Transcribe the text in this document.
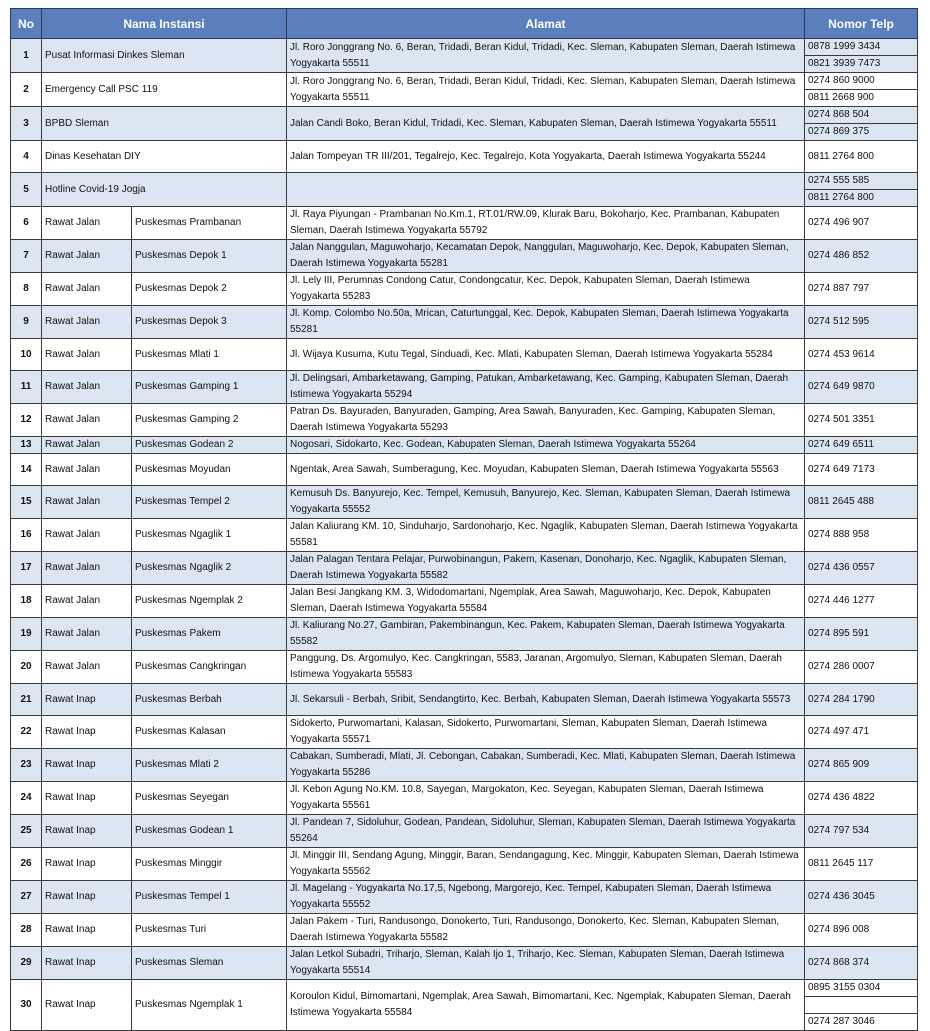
No	Nama Instansi		Alamat	Nomor Telp
1	Pusat Informasi Dinkes Sleman		Jl. Roro Jonggrang No. 6, Beran, Tridadi, Beran Kidul, Tridadi, Kec. Sleman, Kabupaten Sleman, Daerah Istimewa Yogyakarta 55511	0878 1999 3434
0821 3939 7473

2	Emergency Call PSC 119		Jl. Roro Jonggrang No. 6, Beran, Tridadi, Beran Kidul, Tridadi, Kec. Sleman, Kabupaten Sleman, Daerah Istimewa Yogyakarta 55511	0274 860 9000
0811 2668 900

3	BPBD Sleman		Jalan Candi Boko, Beran Kidul, Tridadi, Kec. Sleman, Kabupaten Sleman, Daerah Istimewa Yogyakarta 55511	0274 868 504
0274 869 375

4	Dinas Kesehatan DIY		Jalan Tompeyan TR III/201, Tegalrejo, Kec. Tegalrejo, Kota Yogyakarta, Daerah Istimewa Yogyakarta 55244	0811 2764 800

5	Hotline Covid-19 Jogja			0274 555 585
0811 2764 800

6	Rawat Jalan	Puskesmas Prambanan	Jl. Raya Piyungan - Prambanan No.Km.1, RT.01/RW.09, Klurak Baru, Bokoharjo, Kec. Prambanan, Kabupaten Sleman, Daerah Istimewa Yogyakarta 55792	0274 496 907

7	Rawat Jalan	Puskesmas Depok 1	Jalan Nanggulan, Maguwoharjo, Kecamatan Depok, Nanggulan, Maguwoharjo, Kec. Depok, Kabupaten Sleman, Daerah Istimewa Yogyakarta 55281	0274 486 852

8	Rawat Jalan	Puskesmas Depok 2	Jl. Lely III, Perumnas Condong Catur, Condongcatur, Kec. Depok, Kabupaten Sleman, Daerah Istimewa Yogyakarta 55283	0274 887 797

9	Rawat Jalan	Puskesmas Depok 3	Jl. Komp. Colombo No.50a, Mrican, Caturtunggal, Kec. Depok, Kabupaten Sleman, Daerah Istimewa Yogyakarta 55281	0274 512 595

10	Rawat Jalan	Puskesmas Mlati 1	Jl. Wijaya Kusuma, Kutu Tegal, Sinduadi, Kec. Mlati, Kabupaten Sleman, Daerah Istimewa Yogyakarta 55284	0274 453 9614

11	Rawat Jalan	Puskesmas Gamping 1	Jl. Delingsari, Ambarketawang, Gamping, Patukan, Ambarketawang, Kec. Gamping, Kabupaten Sleman, Daerah Istimewa Yogyakarta 55294	0274 649 9870

12	Rawat Jalan	Puskesmas Gamping 2	Patran Ds. Bayuraden, Banyuraden, Gamping, Area Sawah, Banyuraden, Kec. Gamping, Kabupaten Sleman, Daerah Istimewa Yogyakarta 55293	0274 501 3351

13	Rawat Jalan	Puskesmas Godean 2	Nogosari, Sidokarto, Kec. Godean, Kabupaten Sleman, Daerah Istimewa Yogyakarta 55264	0274 649 6511

14	Rawat Jalan	Puskesmas Moyudan	Ngentak, Area Sawah, Sumberagung, Kec. Moyudan, Kabupaten Sleman, Daerah Istimewa Yogyakarta 55563	0274 649 7173

15	Rawat Jalan	Puskesmas Tempel 2	Kemusuh Ds. Banyurejo, Kec. Tempel, Kemusuh, Banyurejo, Kec. Sleman, Kabupaten Sleman, Daerah Istimewa Yogyakarta 55552	0811 2645 488

16	Rawat Jalan	Puskesmas Ngaglik 1	Jalan Kaliurang KM. 10, Sinduharjo, Sardonoharjo, Kec. Ngaglik, Kabupaten Sleman, Daerah Istimewa Yogyakarta 55581	0274 888 958

17	Rawat Jalan	Puskesmas Ngaglik 2	Jalan Palagan Tentara Pelajar, Purwobinangun, Pakem, Kasenan, Donoharjo, Kec. Ngaglik, Kabupaten Sleman, Daerah Istimewa Yogyakarta 55582	0274 436 0557

18	Rawat Jalan	Puskesmas Ngemplak 2	Jalan Besi Jangkang KM. 3, Widodomartani, Ngemplak, Area Sawah, Maguwoharjo, Kec. Depok, Kabupaten Sleman, Daerah Istimewa Yogyakarta 55584	0274 446 1277

19	Rawat Jalan	Puskesmas Pakem	Jl. Kaliurang No.27, Gambiran, Pakembinangun, Kec. Pakem, Kabupaten Sleman, Daerah Istimewa Yogyakarta 55582	0274 895 591

20	Rawat Jalan	Puskesmas Cangkringan	Panggung, Ds. Argomulyo, Kec. Cangkringan, 5583, Jaranan, Argomulyo, Sleman, Kabupaten Sleman, Daerah Istimewa Yogyakarta 55583	0274 286 0007

21	Rawat Inap	Puskesmas Berbah	Jl. Sekarsuli - Berbah, Sribit, Sendangtirto, Kec. Berbah, Kabupaten Sleman, Daerah Istimewa Yogyakarta 55573	0274 284 1790

22	Rawat Inap	Puskesmas Kalasan	Sidokerto, Purwomartani, Kalasan, Sidokerto, Purwomartani, Sleman, Kabupaten Sleman, Daerah Istimewa Yogyakarta 55571	0274 497 471

23	Rawat Inap	Puskesmas Mlati 2	Cabakan, Sumberadi, Mlati, Jl. Cebongan, Cabakan, Sumberadi, Kec. Mlati, Kabupaten Sleman, Daerah Istimewa Yogyakarta 55286	0274 865 909

24	Rawat Inap	Puskesmas Seyegan	Jl. Kebon Agung No.KM. 10.8, Sayegan, Margokaton, Kec. Seyegan, Kabupaten Sleman, Daerah Istimewa Yogyakarta 55561	0274 436 4822

25	Rawat Inap	Puskesmas Godean 1	Jl. Pandean 7, Sidoluhur, Godean, Pandean, Sidoluhur, Sleman, Kabupaten Sleman, Daerah Istimewa Yogyakarta 55264	0274 797 534

26	Rawat Inap	Puskesmas Minggir	Jl. Minggir III, Sendang Agung, Minggir, Baran, Sendangagung, Kec. Minggir, Kabupaten Sleman, Daerah Istimewa Yogyakarta 55562	0811 2645 117

27	Rawat Inap	Puskesmas Tempel 1	Jl. Magelang - Yogyakarta No.17,5, Ngebong, Margorejo, Kec. Tempel, Kabupaten Sleman, Daerah Istimewa Yogyakarta 55552	0274 436 3045

28	Rawat Inap	Puskesmas Turi	Jalan Pakem - Turi, Randusongo, Donokerto, Turi, Randusongo, Donokerto, Kec. Sleman, Kabupaten Sleman, Daerah Istimewa Yogyakarta 55582	0274 896 008

29	Rawat Inap	Puskesmas Sleman	Jalan Letkol Subadri, Triharjo, Sleman, Kalah Ijo 1, Triharjo, Kec. Sleman, Kabupaten Sleman, Daerah Istimewa Yogyakarta 55514	0274 868 374

30	Rawat Inap	Puskesmas Ngemplak 1	Koroulon Kidul, Bimomartani, Ngemplak, Area Sawah, Bimomartani, Kec. Ngemplak, Kabupaten Sleman, Daerah Istimewa Yogyakarta 55584	0895 3155 0304
0274 287 3046
